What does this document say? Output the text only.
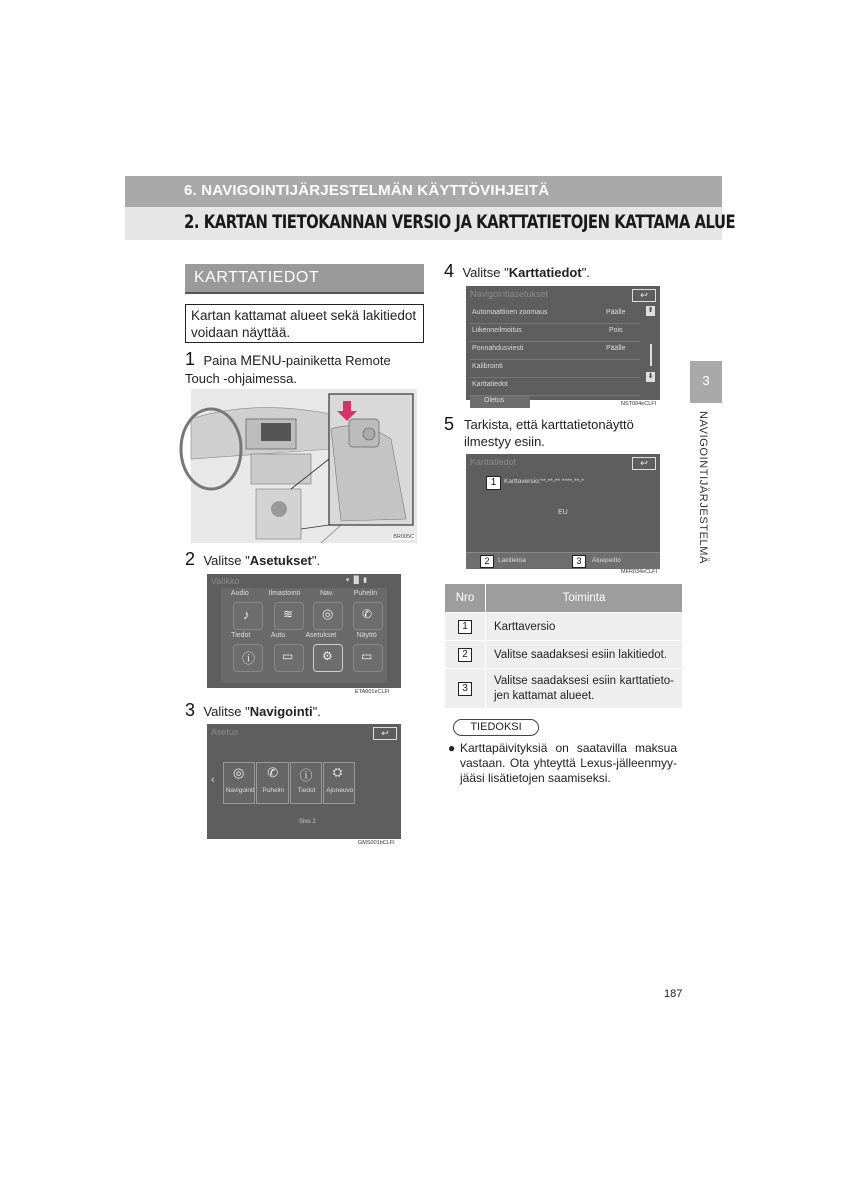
6. NAVIGOINTIJÄRJESTELMÄN KÄYTTÖVIHJEITÄ
2. KARTAN TIETOKANNAN VERSIO JA KARTTATIETOJEN KATTAMA ALUE
3
NAVIGOINTIJÄRJESTELMÄ
KARTTATIEDOT
Kartan kattamat alueet sekä lakitiedot voidaan näyttää.
1 Paina MENU-painiketta Remote Touch -ohjaimessa.
BR005C
2 Valitse "Asetukset".
Valikko	▾ ▐▌ ▮
Audio	Ilmastointi	Nav.	Puhelin
♪	≋ ◎ ✆
Tiedot	Auto	Asetukset	Näyttö
ⓘ ▭ ⚙ ▭
ETA001eCLFI
3 Valitse "Navigointi".
Asetus	↩
‹ ◎
Navigointi
✆
Puhelin
ⓘ
Tiedot
⛭
Ajoneuvo
Sivu 2
GMS001bCLFI
4 Valitse "Karttatiedot".
Navigointiasetukset	↩
Automaattinen zoomaus	Päälle
Liikenneilmoitus	Pois
Ponnahdusviesti	Päälle
Kalibrointi
Karttatiedot
Oletus
⬆
⬇
NST004eCLFI
5 Tarkista, että karttatietonäyttö ilmestyy esiin.
Karttatiedot	↩
1	Karttaversio:**-**-** ****-**-*
EU
2	Lakitietoa	3	Aluepeitto
MFR034eCLFI
Nro	Toiminta
1	Karttaversio
2	Valitse saadaksesi esiin lakitiedot.
3	Valitse saadaksesi esiin karttatieto-jen kattamat alueet.
TIEDOKSI
● Karttapäivityksiä on saatavilla maksua vastaan. Ota yhteyttä Lexus-jälleenmyy-jääsi lisätietojen saamiseksi.
187
